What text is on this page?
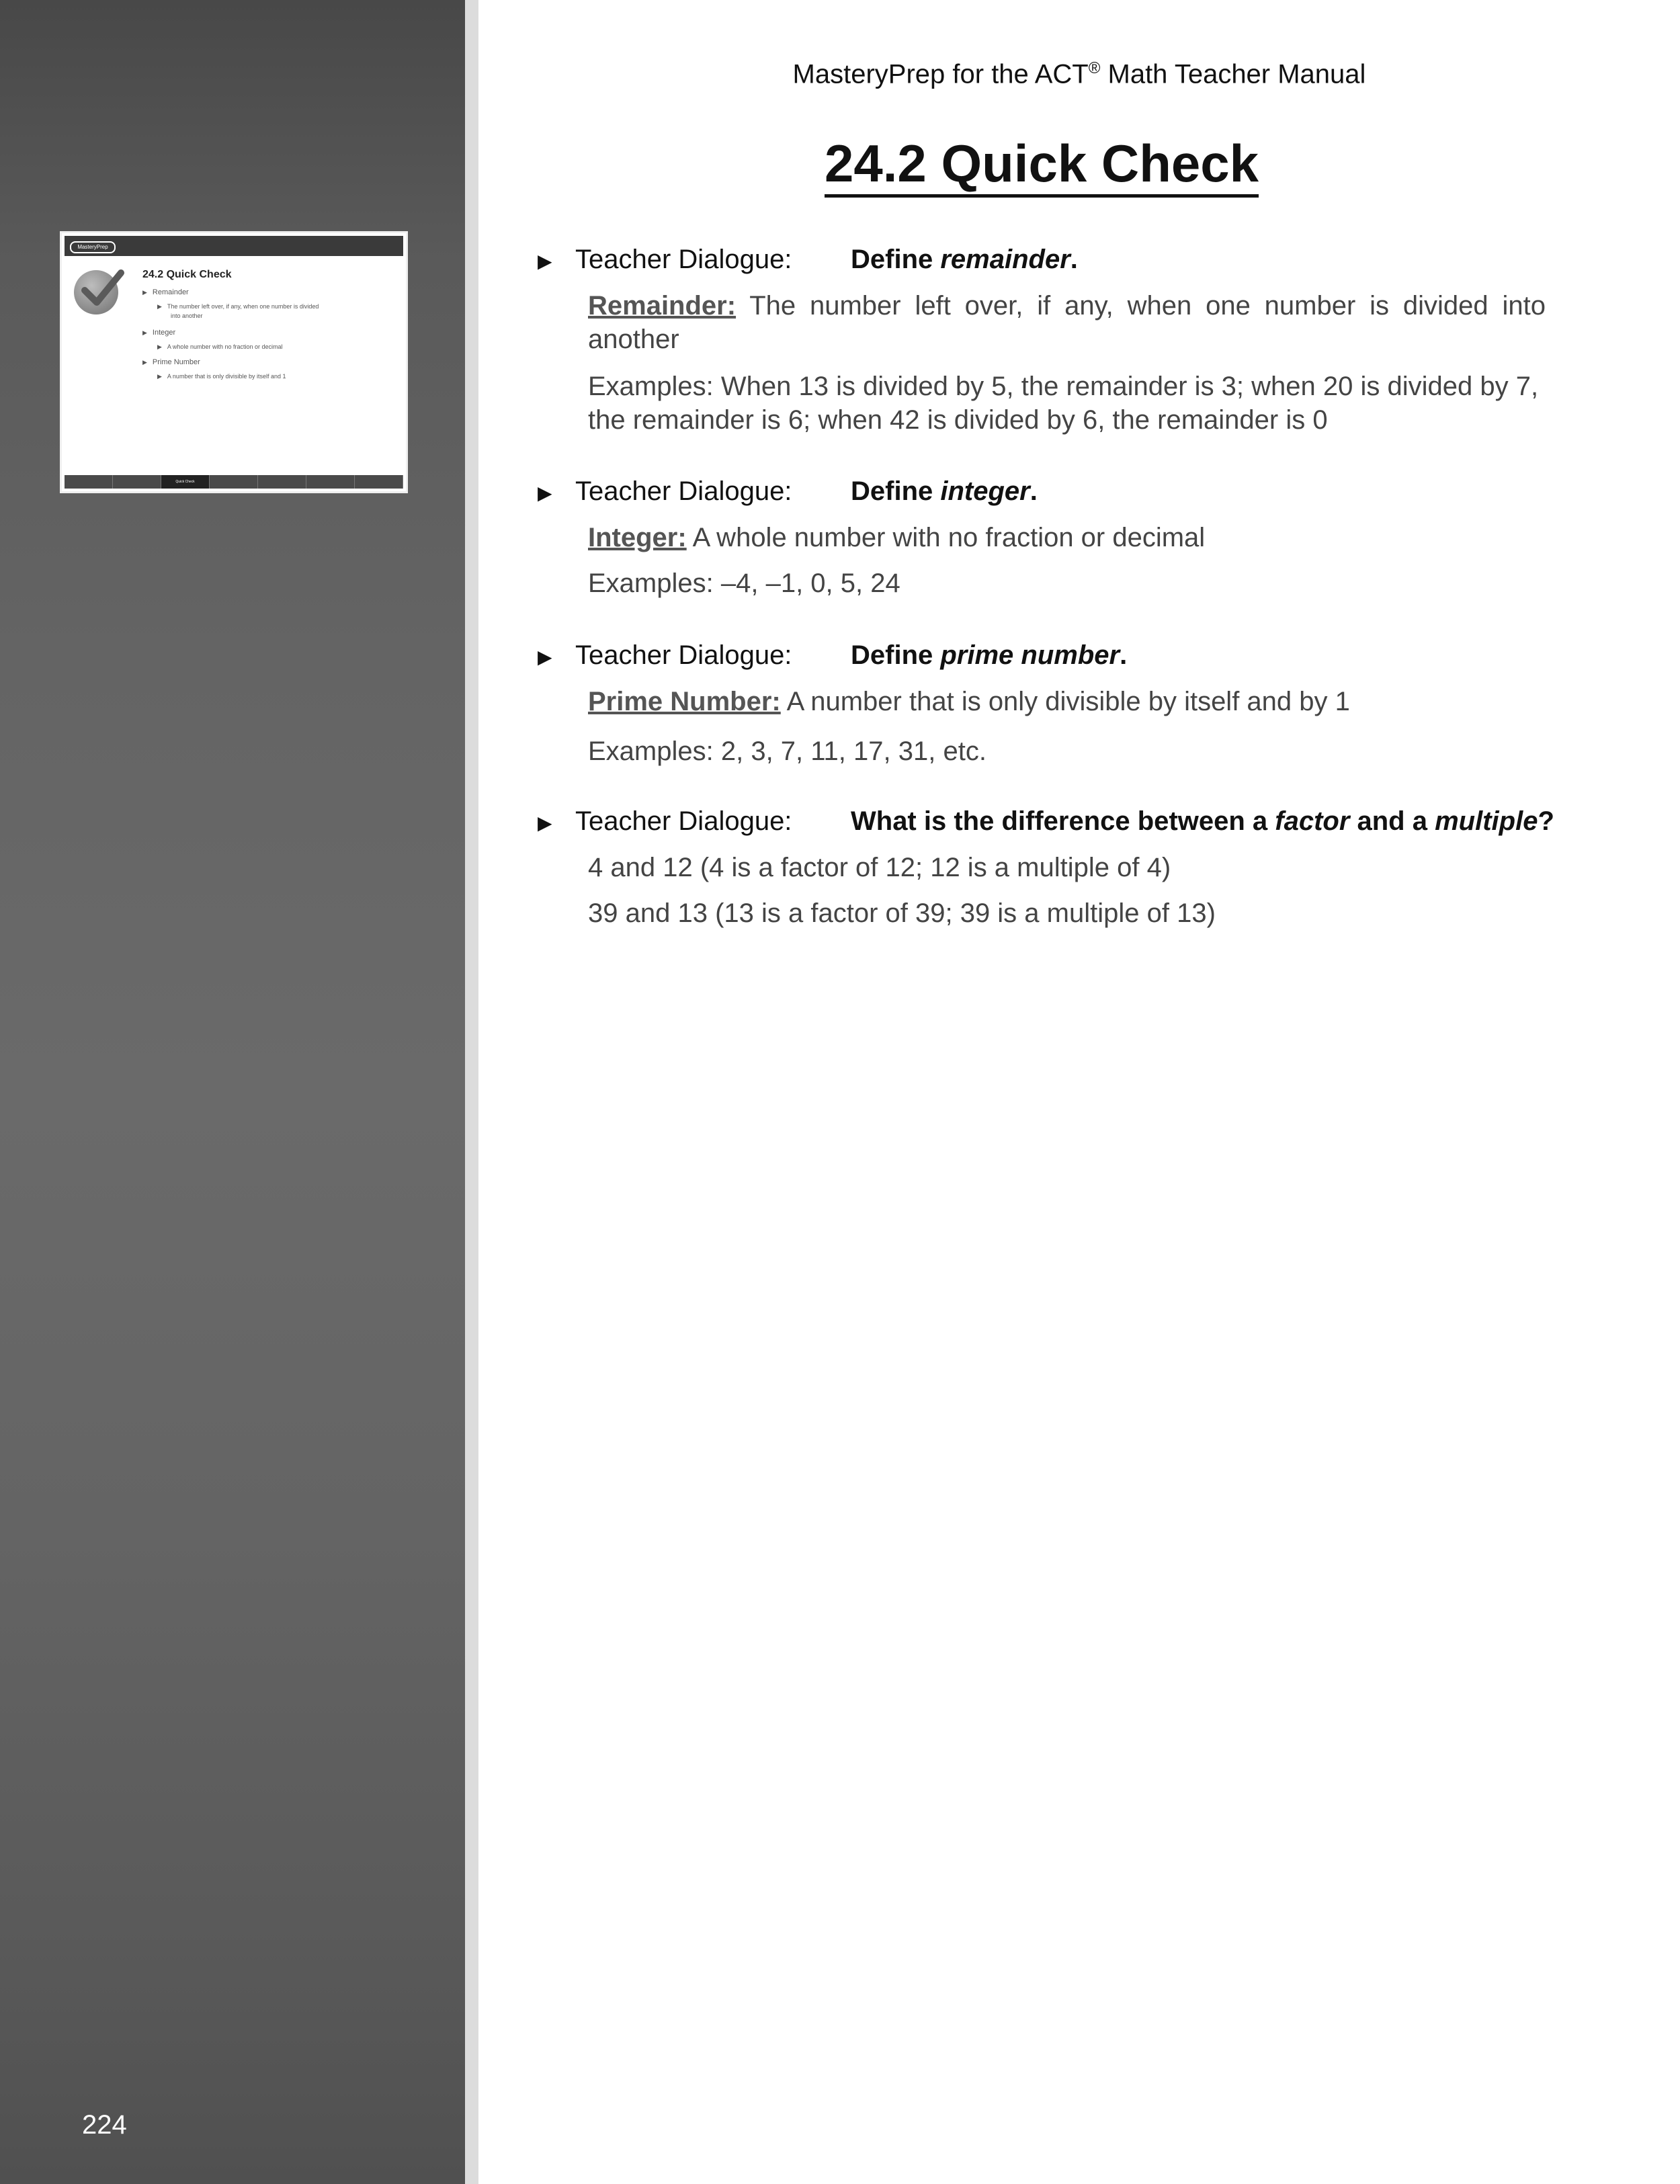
MasteryPrep
24.2 Quick Check
▶ Remainder
▶ The number left over, if any, when one number is divided
into another
▶ Integer
▶ A whole number with no fraction or decimal
▶ Prime Number
▶ A number that is only divisible by itself and 1
Quick Check
224
MasteryPrep for the ACT® Math Teacher Manual
24.2 Quick Check
▶ Teacher Dialogue: Define remainder.
Remainder: The number left over, if any, when one number is divided into another
Examples: When 13 is divided by 5, the remainder is 3; when 20 is divided by 7, the remainder is 6; when 42 is divided by 6, the remainder is 0
▶ Teacher Dialogue: Define integer.
Integer: A whole number with no fraction or decimal
Examples: –4, –1, 0, 5, 24
▶ Teacher Dialogue: Define prime number.
Prime Number: A number that is only divisible by itself and by 1
Examples: 2, 3, 7, 11, 17, 31, etc.
▶ Teacher Dialogue: What is the difference between a factor and a multiple?
4 and 12 (4 is a factor of 12; 12 is a multiple of 4)
39 and 13 (13 is a factor of 39; 39 is a multiple of 13)
